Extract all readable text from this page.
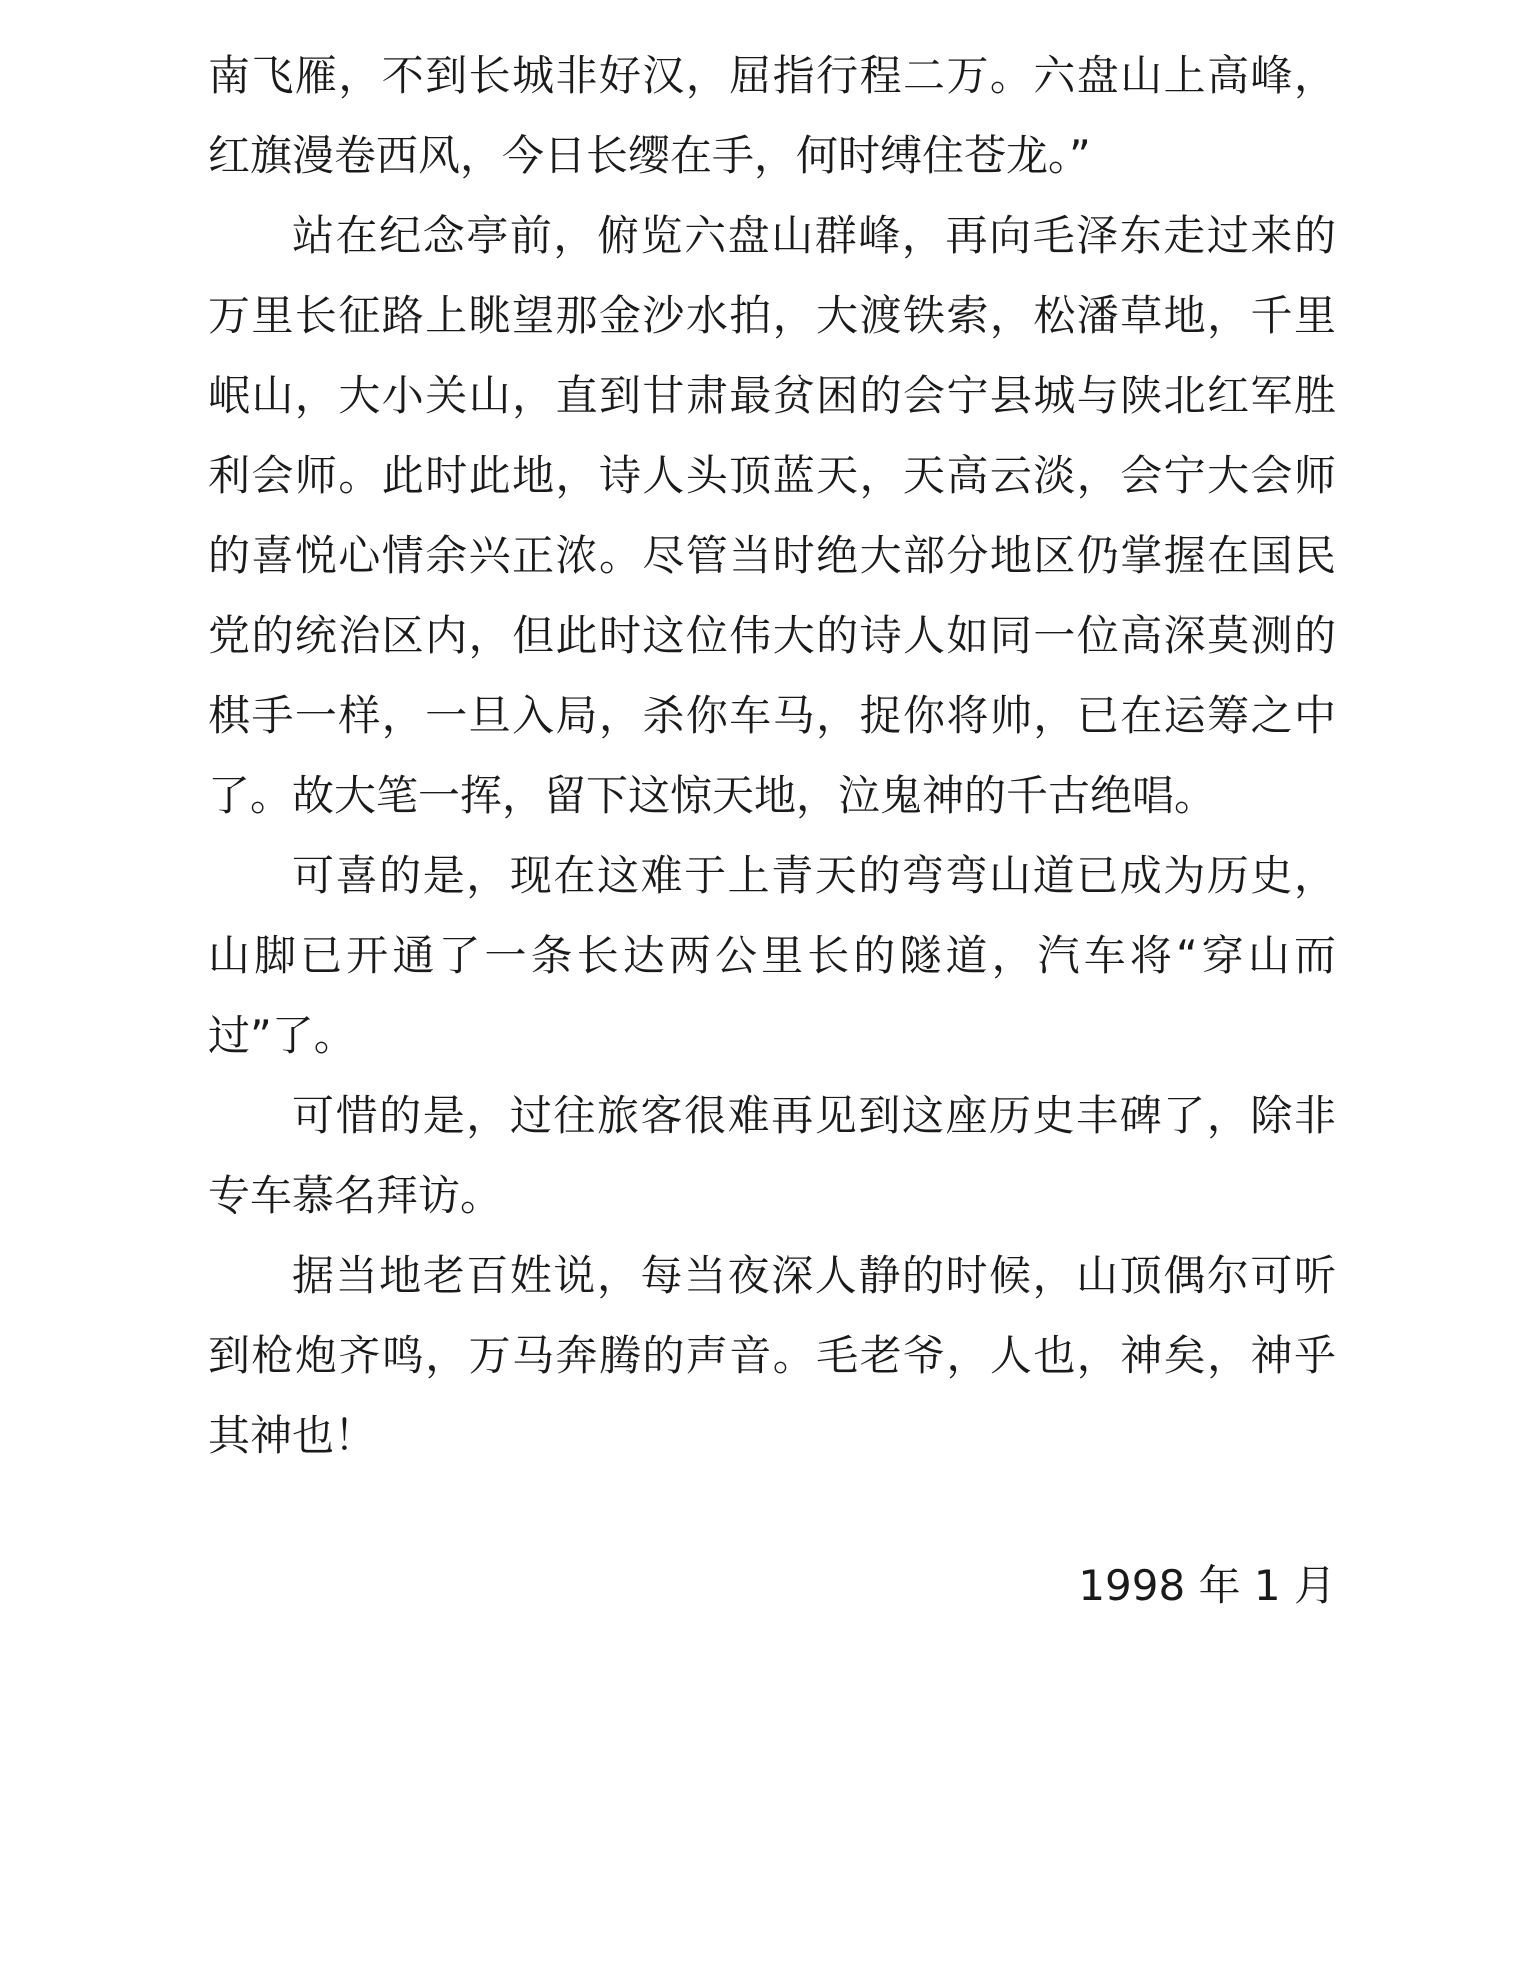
南飞雁，不到长城非好汉，屈指行程二万。六盘山上高峰，红旗漫卷西风，今日长缨在手，何时缚住苍龙。”

站在纪念亭前，俯览六盘山群峰，再向毛泽东走过来的万里长征路上眺望那金沙水拍，大渡铁索，松潘草地，千里岷山，大小关山，直到甘肃最贫困的会宁县城与陕北红军胜利会师。此时此地，诗人头顶蓝天，天高云淡，会宁大会师的喜悦心情余兴正浓。尽管当时绝大部分地区仍掌握在国民党的统治区内，但此时这位伟大的诗人如同一位高深莫测的棋手一样，一旦入局，杀你车马，捉你将帅，已在运筹之中了。故大笔一挥，留下这惊天地，泣鬼神的千古绝唱。

可喜的是，现在这难于上青天的弯弯山道已成为历史，山脚已开通了一条长达两公里长的隧道，汽车将“穿山而过”了。

可惜的是，过往旅客很难再见到这座历史丰碑了，除非专车慕名拜访。

据当地老百姓说，每当夜深人静的时候，山顶偶尔可听到枪炮齐鸣，万马奔腾的声音。毛老爷，人也，神矣，神乎其神也！

1998 年 1 月
